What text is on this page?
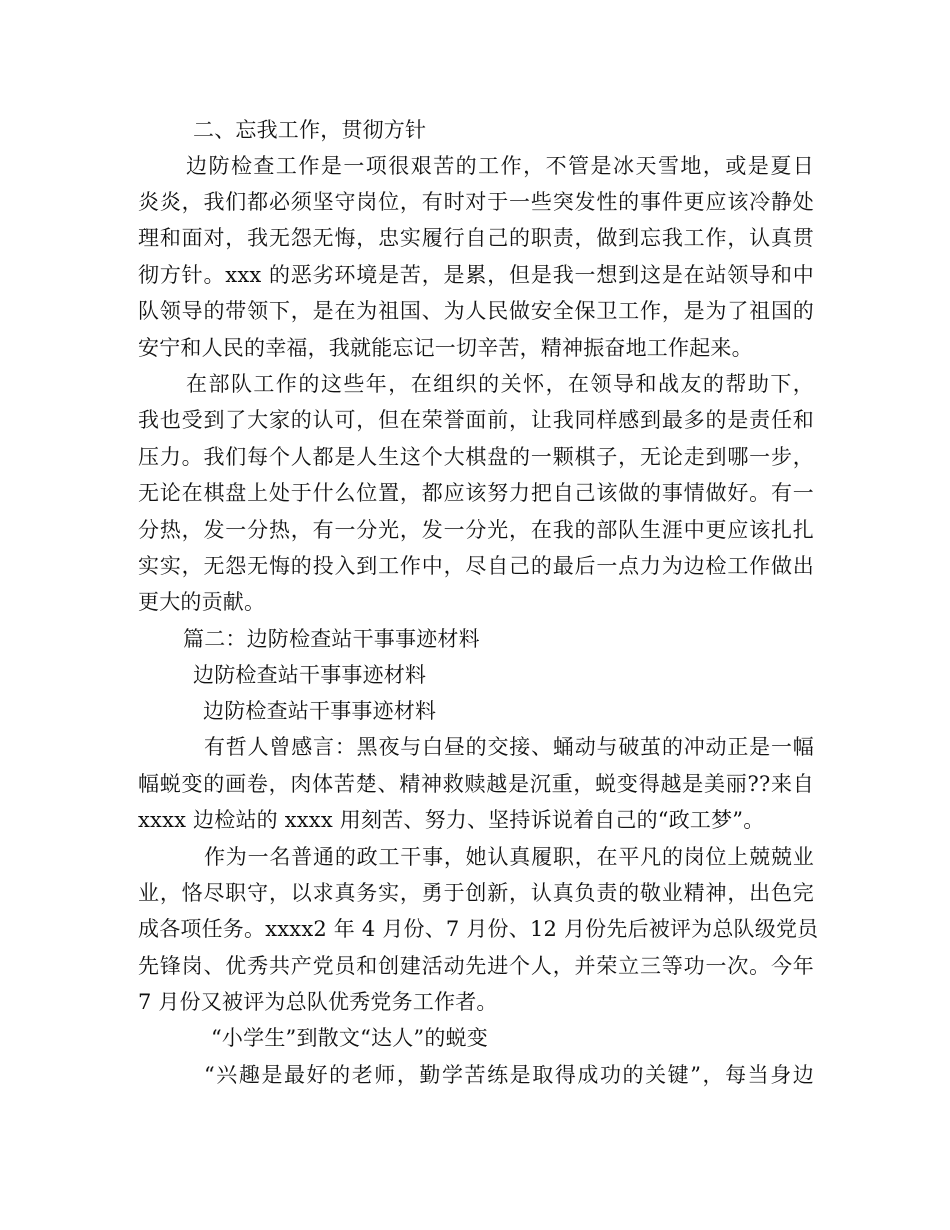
二、忘我工作，贯彻方针
边防检查工作是一项很艰苦的工作，不管是冰天雪地，或是夏日
炎炎，我们都必须坚守岗位，有时对于一些突发性的事件更应该冷静处
理和面对，我无怨无悔，忠实履行自己的职责，做到忘我工作，认真贯
彻方针。xxx 的恶劣环境是苦，是累，但是我一想到这是在站领导和中
队领导的带领下，是在为祖国、为人民做安全保卫工作，是为了祖国的
安宁和人民的幸福，我就能忘记一切辛苦，精神振奋地工作起来。
在部队工作的这些年，在组织的关怀，在领导和战友的帮助下，
我也受到了大家的认可，但在荣誉面前，让我同样感到最多的是责任和
压力。我们每个人都是人生这个大棋盘的一颗棋子，无论走到哪一步，
无论在棋盘上处于什么位置，都应该努力把自己该做的事情做好。有一
分热，发一分热，有一分光，发一分光，在我的部队生涯中更应该扎扎
实实，无怨无悔的投入到工作中，尽自己的最后一点力为边检工作做出
更大的贡献。
篇二：边防检查站干事事迹材料
边防检查站干事事迹材料
边防检查站干事事迹材料
有哲人曾感言：黑夜与白昼的交接、蛹动与破茧的冲动正是一幅
幅蜕变的画卷，肉体苦楚、精神救赎越是沉重，蜕变得越是美丽??来自
xxxx 边检站的 xxxx 用刻苦、努力、坚持诉说着自己的“政工梦”。
作为一名普通的政工干事，她认真履职，在平凡的岗位上兢兢业
业，恪尽职守，以求真务实，勇于创新，认真负责的敬业精神，出色完
成各项任务。xxxx2 年 4 月份、7 月份、12 月份先后被评为总队级党员
先锋岗、优秀共产党员和创建活动先进个人，并荣立三等功一次。今年
7 月份又被评为总队优秀党务工作者。
“小学生”到散文“达人”的蜕变
“兴趣是最好的老师，勤学苦练是取得成功的关键”，每当身边
